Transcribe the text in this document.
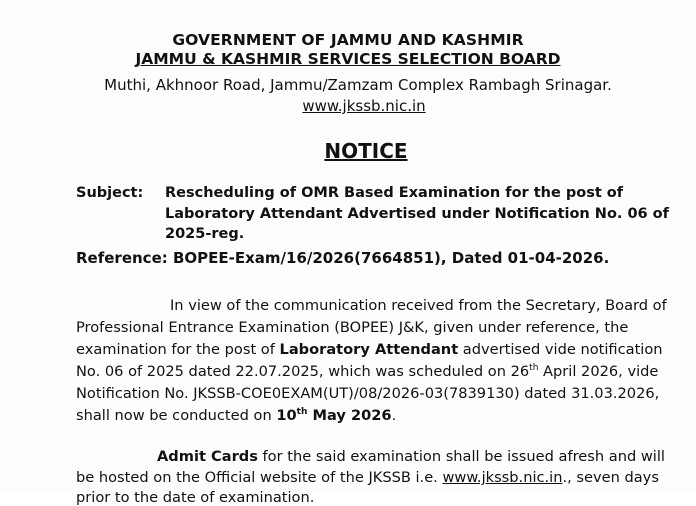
GOVERNMENT OF JAMMU AND KASHMIR
JAMMU & KASHMIR SERVICES SELECTION BOARD
Muthi, Akhnoor Road, Jammu/Zamzam Complex Rambagh Srinagar.
www.jkssb.nic.in
NOTICE
Subject: Rescheduling of OMR Based Examination for the post of
Laboratory Attendant Advertised under Notification No. 06 of
2025-reg.
Reference: BOPEE-Exam/16/2026(7664851), Dated 01-04-2026.
In view of the communication received from the Secretary, Board of
Professional Entrance Examination (BOPEE) J&K, given under reference, the
examination for the post of Laboratory Attendant advertised vide notification
No. 06 of 2025 dated 22.07.2025, which was scheduled on 26th April 2026, vide
Notification No. JKSSB-COE0EXAM(UT)/08/2026-03(7839130) dated 31.03.2026,
shall now be conducted on 10th May 2026.
Admit Cards for the said examination shall be issued afresh and will
be hosted on the Official website of the JKSSB i.e. www.jkssb.nic.in., seven days
prior to the date of examination.
